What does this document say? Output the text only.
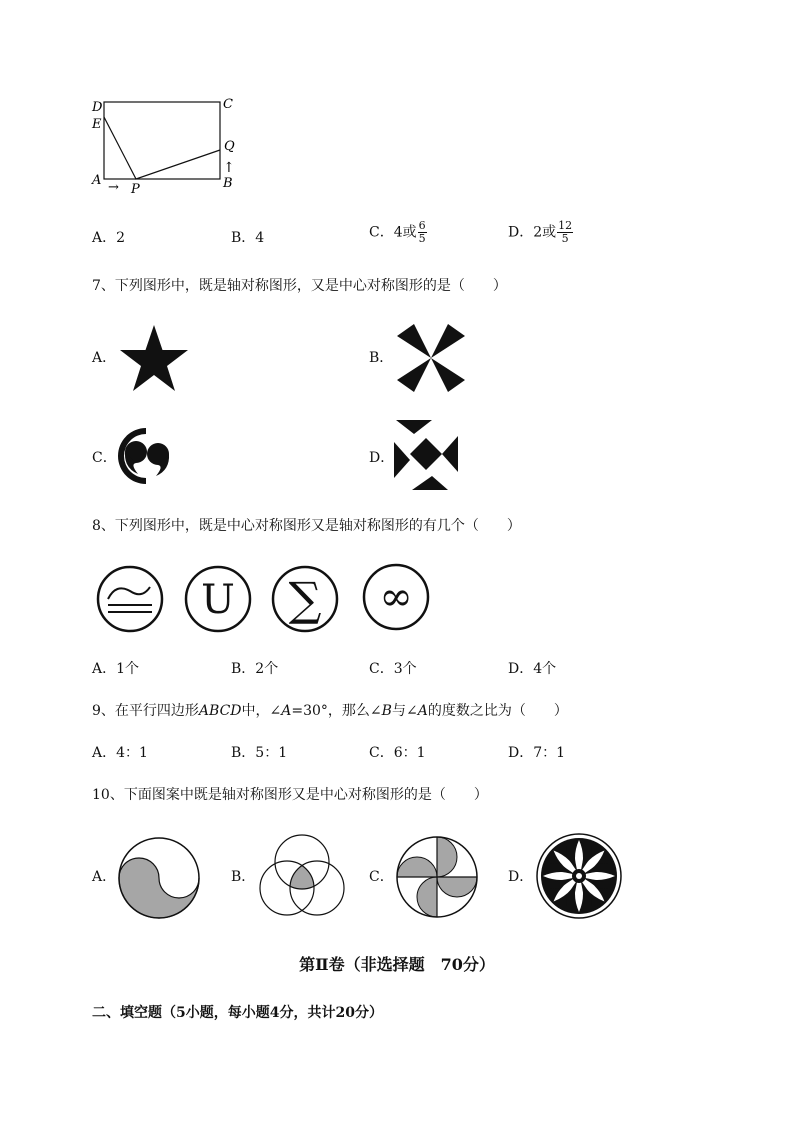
D
E
A
C
Q
B
P
→
↑
A．2	B．4	C．4或 $\frac{6}{5}$	D．2或 $\frac{12}{5}$
7、下列图形中，既是轴对称图形，又是中心对称图形的是（　　）
A．	B．
C．	D．
8、下列图形中，既是中心对称图形又是轴对称图形的有几个（　　）
U ∑ ∞
A．1个	B．2个	C．3个	D．4个
9、在平行四边形ABCD中，∠A=30°，那么∠B与∠A的度数之比为（　　）
A．4：1	B．5：1	C．6：1	D．7：1
10、下面图案中既是轴对称图形又是中心对称图形的是（　　）
A．	B．	C．	D．
第Ⅱ卷（非选择题　70分）
二、填空题（5小题，每小题4分，共计20分）
